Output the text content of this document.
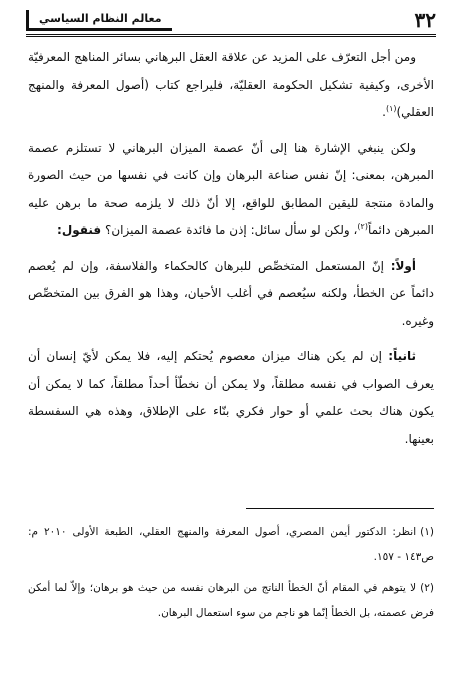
٣٢
معالم النظام السياسي

ومن أجل التعرّف على المزيد عن علاقة العقل البرهاني بسائر المناهج المعرفيّة الأخرى، وكيفية تشكيل الحكومة العقليّة، فليراجع كتاب (أصول المعرفة والمنهج العقلي)$^{(١)}$.

ولكن ينبغي الإشارة هنا إلى أنّ عصمة الميزان البرهاني لا تستلزم عصمة المبرهن، بمعنى: إنّ نفس صناعة البرهان وإن كانت في نفسها من حيث الصورة والمادة منتجة لليقين المطابق للواقع، إلا أنّ ذلك لا يلزمه صحة ما برهن عليه المبرهن دائماً$^{(٢)}$، ولكن لو سأل سائل: إذن ما فائدة عصمة الميزان؟ فنقول:

أولاً: إنّ المستعمل المتخصِّص للبرهان كالحكماء والفلاسفة، وإن لم يُعصم دائماً عن الخطأ، ولكنه سيُعصم في أغلب الأحيان، وهذا هو الفرق بين المتخصِّص وغيره.

ثانياً: إن لم يكن هناك ميزان معصوم يُحتكم إليه، فلا يمكن لأيّ إنسان أن يعرف الصواب في نفسه مطلقاً، ولا يمكن أن نخطّأ أحداً مطلقاً، كما لا يمكن أن يكون هناك بحث علمي أو حوار فكري بنّاء على الإطلاق، وهذه هي السفسطة بعينها.

(١)انظر: الدكتور أيمن المصري، أصول المعرفة والمنهج العقلي، الطبعة الأولى ٢٠١٠ م: ص١٤٣ - ١٥٧.

(٢)لا يتوهم في المقام أنّ الخطأ الناتج من البرهان نفسه من حيث هو برهان؛ وإلاّ لما أمكن فرض عصمته، بل الخطأ إنّما هو ناجم من سوء استعمال البرهان.
